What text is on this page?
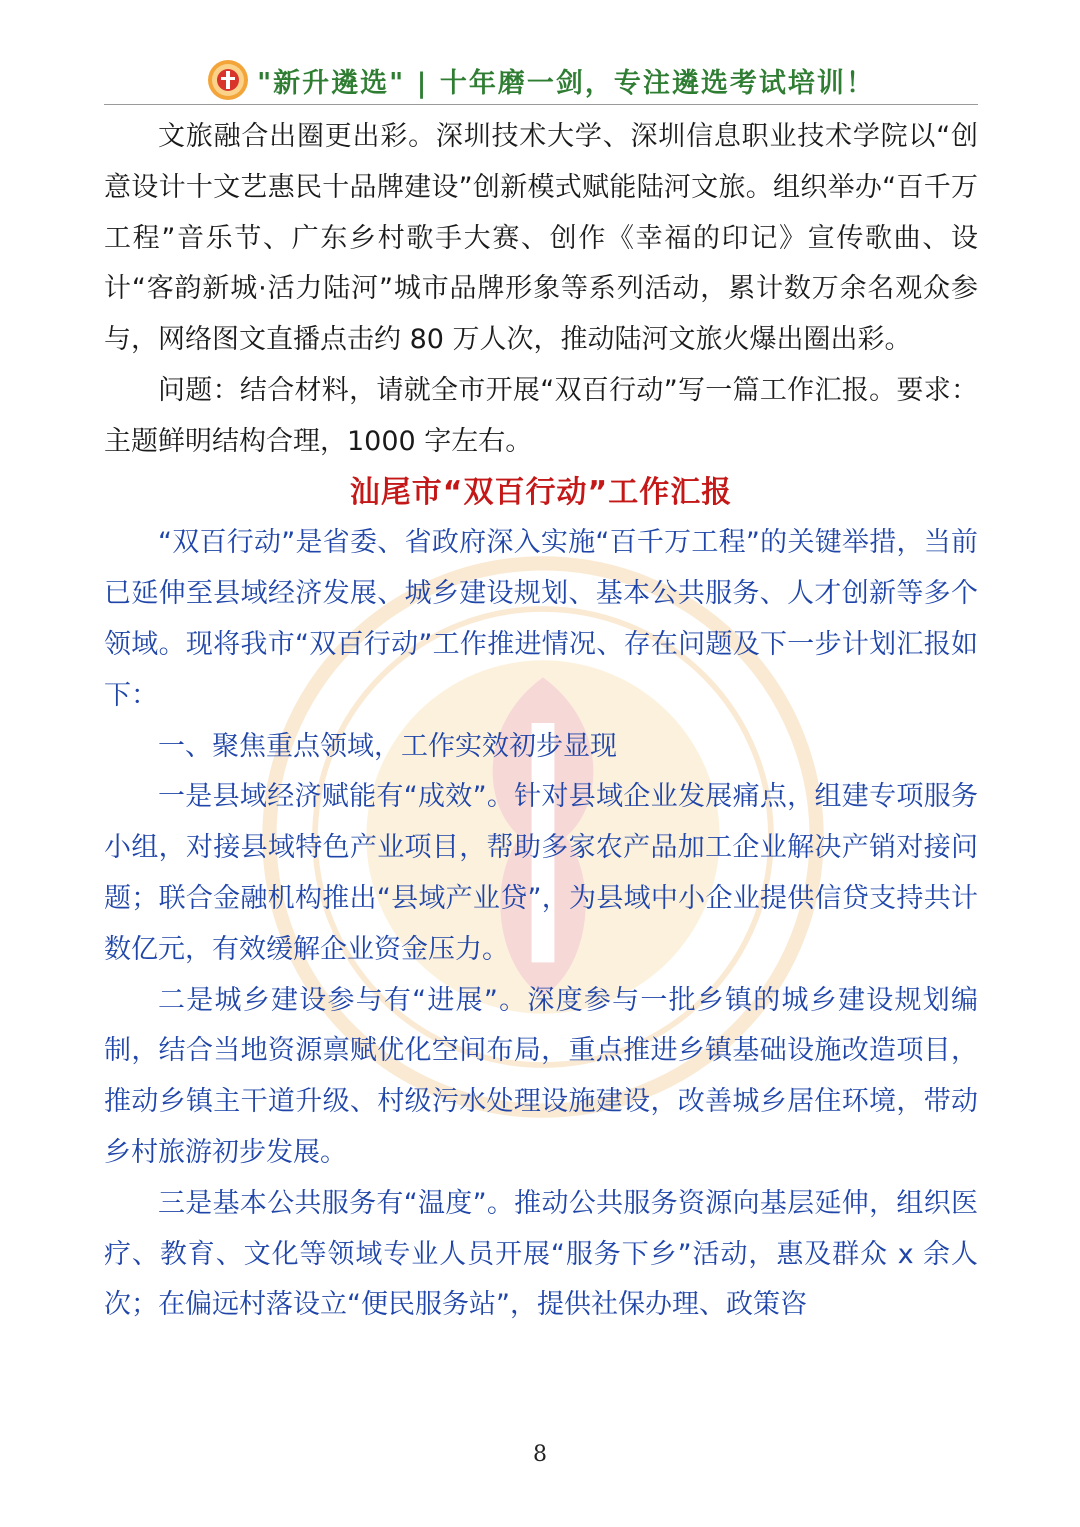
"新升遴选" | 十年磨一剑，专注遴选考试培训！

文旅融合出圈更出彩。深圳技术大学、深圳信息职业技术学院以“创意设计十文艺惠民十品牌建设”创新模式赋能陆河文旅。组织举办“百千万工程”音乐节、广东乡村歌手大赛、创作《幸福的印记》宣传歌曲、设计“客韵新城·活力陆河”城市品牌形象等系列活动，累计数万余名观众参与，网络图文直播点击约 80 万人次，推动陆河文旅火爆出圈出彩。

问题：结合材料，请就全市开展“双百行动”写一篇工作汇报。要求：主题鲜明结构合理，1000 字左右。

汕尾市“双百行动”工作汇报

“双百行动”是省委、省政府深入实施“百千万工程”的关键举措，当前已延伸至县域经济发展、城乡建设规划、基本公共服务、人才创新等多个领域。现将我市“双百行动”工作推进情况、存在问题及下一步计划汇报如下：

一、聚焦重点领域，工作实效初步显现

一是县域经济赋能有“成效”。针对县域企业发展痛点，组建专项服务小组，对接县域特色产业项目，帮助多家农产品加工企业解决产销对接问题；联合金融机构推出“县域产业贷”，为县域中小企业提供信贷支持共计数亿元，有效缓解企业资金压力。

二是城乡建设参与有“进展”。深度参与一批乡镇的城乡建设规划编制，结合当地资源禀赋优化空间布局，重点推进乡镇基础设施改造项目，推动乡镇主干道升级、村级污水处理设施建设，改善城乡居住环境，带动乡村旅游初步发展。

三是基本公共服务有“温度”。推动公共服务资源向基层延伸，组织医疗、教育、文化等领域专业人员开展“服务下乡”活动，惠及群众 x 余人次；在偏远村落设立“便民服务站”，提供社保办理、政策咨

8
